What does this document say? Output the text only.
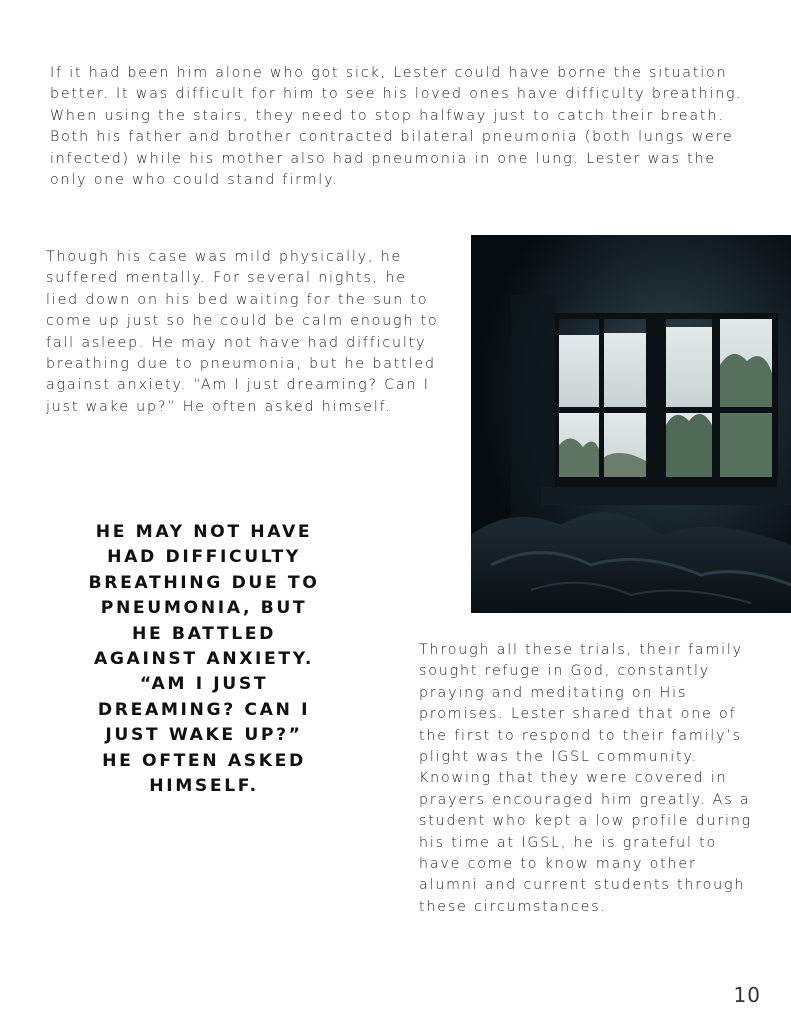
If it had been him alone who got sick, Lester could have borne the situation better. It was difficult for him to see his loved ones have difficulty breathing. When using the stairs, they need to stop halfway just to catch their breath. Both his father and brother contracted bilateral pneumonia (both lungs were infected) while his mother also had pneumonia in one lung. Lester was the only one who could stand firmly.

Though his case was mild physically, he suffered mentally. For several nights, he lied down on his bed waiting for the sun to come up just so he could be calm enough to fall asleep. He may not have had difficulty breathing due to pneumonia, but he battled against anxiety. “Am I just dreaming? Can I just wake up?” He often asked himself.

HE MAY NOT HAVE HAD DIFFICULTY BREATHING DUE TO PNEUMONIA, BUT HE BATTLED AGAINST ANXIETY. “AM I JUST DREAMING? CAN I JUST WAKE UP?” HE OFTEN ASKED HIMSELF.

Through all these trials, their family sought refuge in God, constantly praying and meditating on His promises. Lester shared that one of the first to respond to their family’s plight was the IGSL community. Knowing that they were covered in prayers encouraged him greatly. As a student who kept a low profile during his time at IGSL, he is grateful to have come to know many other alumni and current students through these circumstances.

10
